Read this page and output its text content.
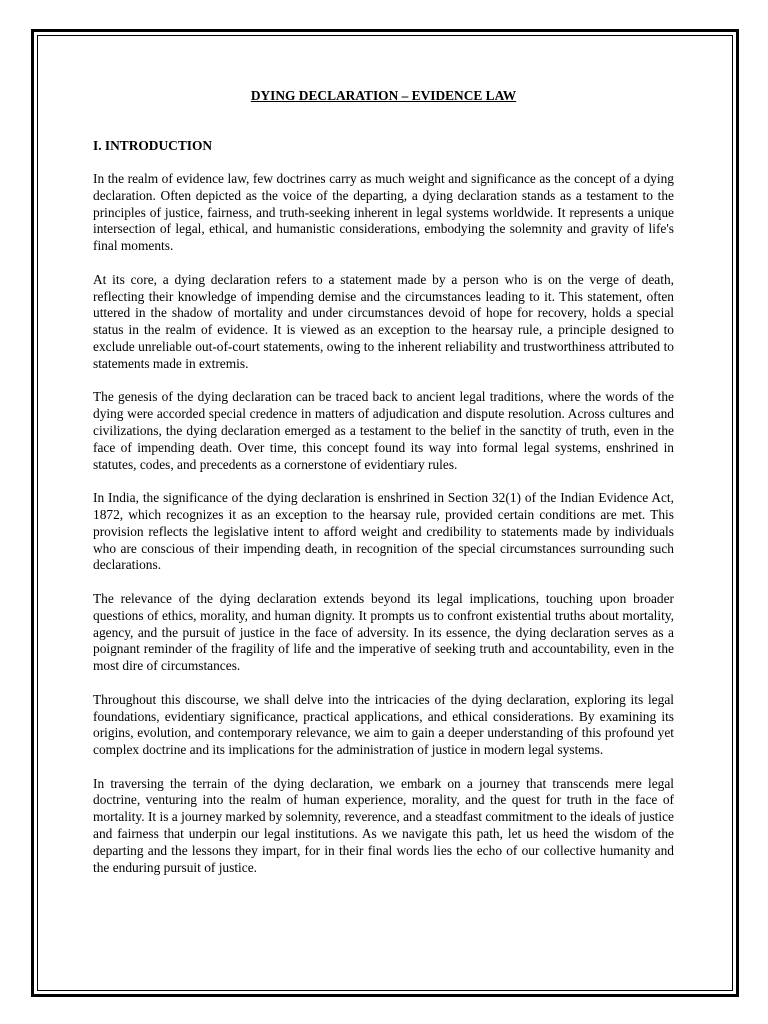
DYING DECLARATION – EVIDENCE LAW
I. INTRODUCTION

In the realm of evidence law, few doctrines carry as much weight and significance as the concept of a dying declaration. Often depicted as the voice of the departing, a dying declaration stands as a testament to the principles of justice, fairness, and truth-seeking inherent in legal systems worldwide. It represents a unique intersection of legal, ethical, and humanistic considerations, embodying the solemnity and gravity of life's final moments.

At its core, a dying declaration refers to a statement made by a person who is on the verge of death, reflecting their knowledge of impending demise and the circumstances leading to it. This statement, often uttered in the shadow of mortality and under circumstances devoid of hope for recovery, holds a special status in the realm of evidence. It is viewed as an exception to the hearsay rule, a principle designed to exclude unreliable out-of-court statements, owing to the inherent reliability and trustworthiness attributed to statements made in extremis.

The genesis of the dying declaration can be traced back to ancient legal traditions, where the words of the dying were accorded special credence in matters of adjudication and dispute resolution. Across cultures and civilizations, the dying declaration emerged as a testament to the belief in the sanctity of truth, even in the face of impending death. Over time, this concept found its way into formal legal systems, enshrined in statutes, codes, and precedents as a cornerstone of evidentiary rules.

In India, the significance of the dying declaration is enshrined in Section 32(1) of the Indian Evidence Act, 1872, which recognizes it as an exception to the hearsay rule, provided certain conditions are met. This provision reflects the legislative intent to afford weight and credibility to statements made by individuals who are conscious of their impending death, in recognition of the special circumstances surrounding such declarations.

The relevance of the dying declaration extends beyond its legal implications, touching upon broader questions of ethics, morality, and human dignity. It prompts us to confront existential truths about mortality, agency, and the pursuit of justice in the face of adversity. In its essence, the dying declaration serves as a poignant reminder of the fragility of life and the imperative of seeking truth and accountability, even in the most dire of circumstances.

Throughout this discourse, we shall delve into the intricacies of the dying declaration, exploring its legal foundations, evidentiary significance, practical applications, and ethical considerations. By examining its origins, evolution, and contemporary relevance, we aim to gain a deeper understanding of this profound yet complex doctrine and its implications for the administration of justice in modern legal systems.

In traversing the terrain of the dying declaration, we embark on a journey that transcends mere legal doctrine, venturing into the realm of human experience, morality, and the quest for truth in the face of mortality. It is a journey marked by solemnity, reverence, and a steadfast commitment to the ideals of justice and fairness that underpin our legal institutions. As we navigate this path, let us heed the wisdom of the departing and the lessons they impart, for in their final words lies the echo of our collective humanity and the enduring pursuit of justice.
